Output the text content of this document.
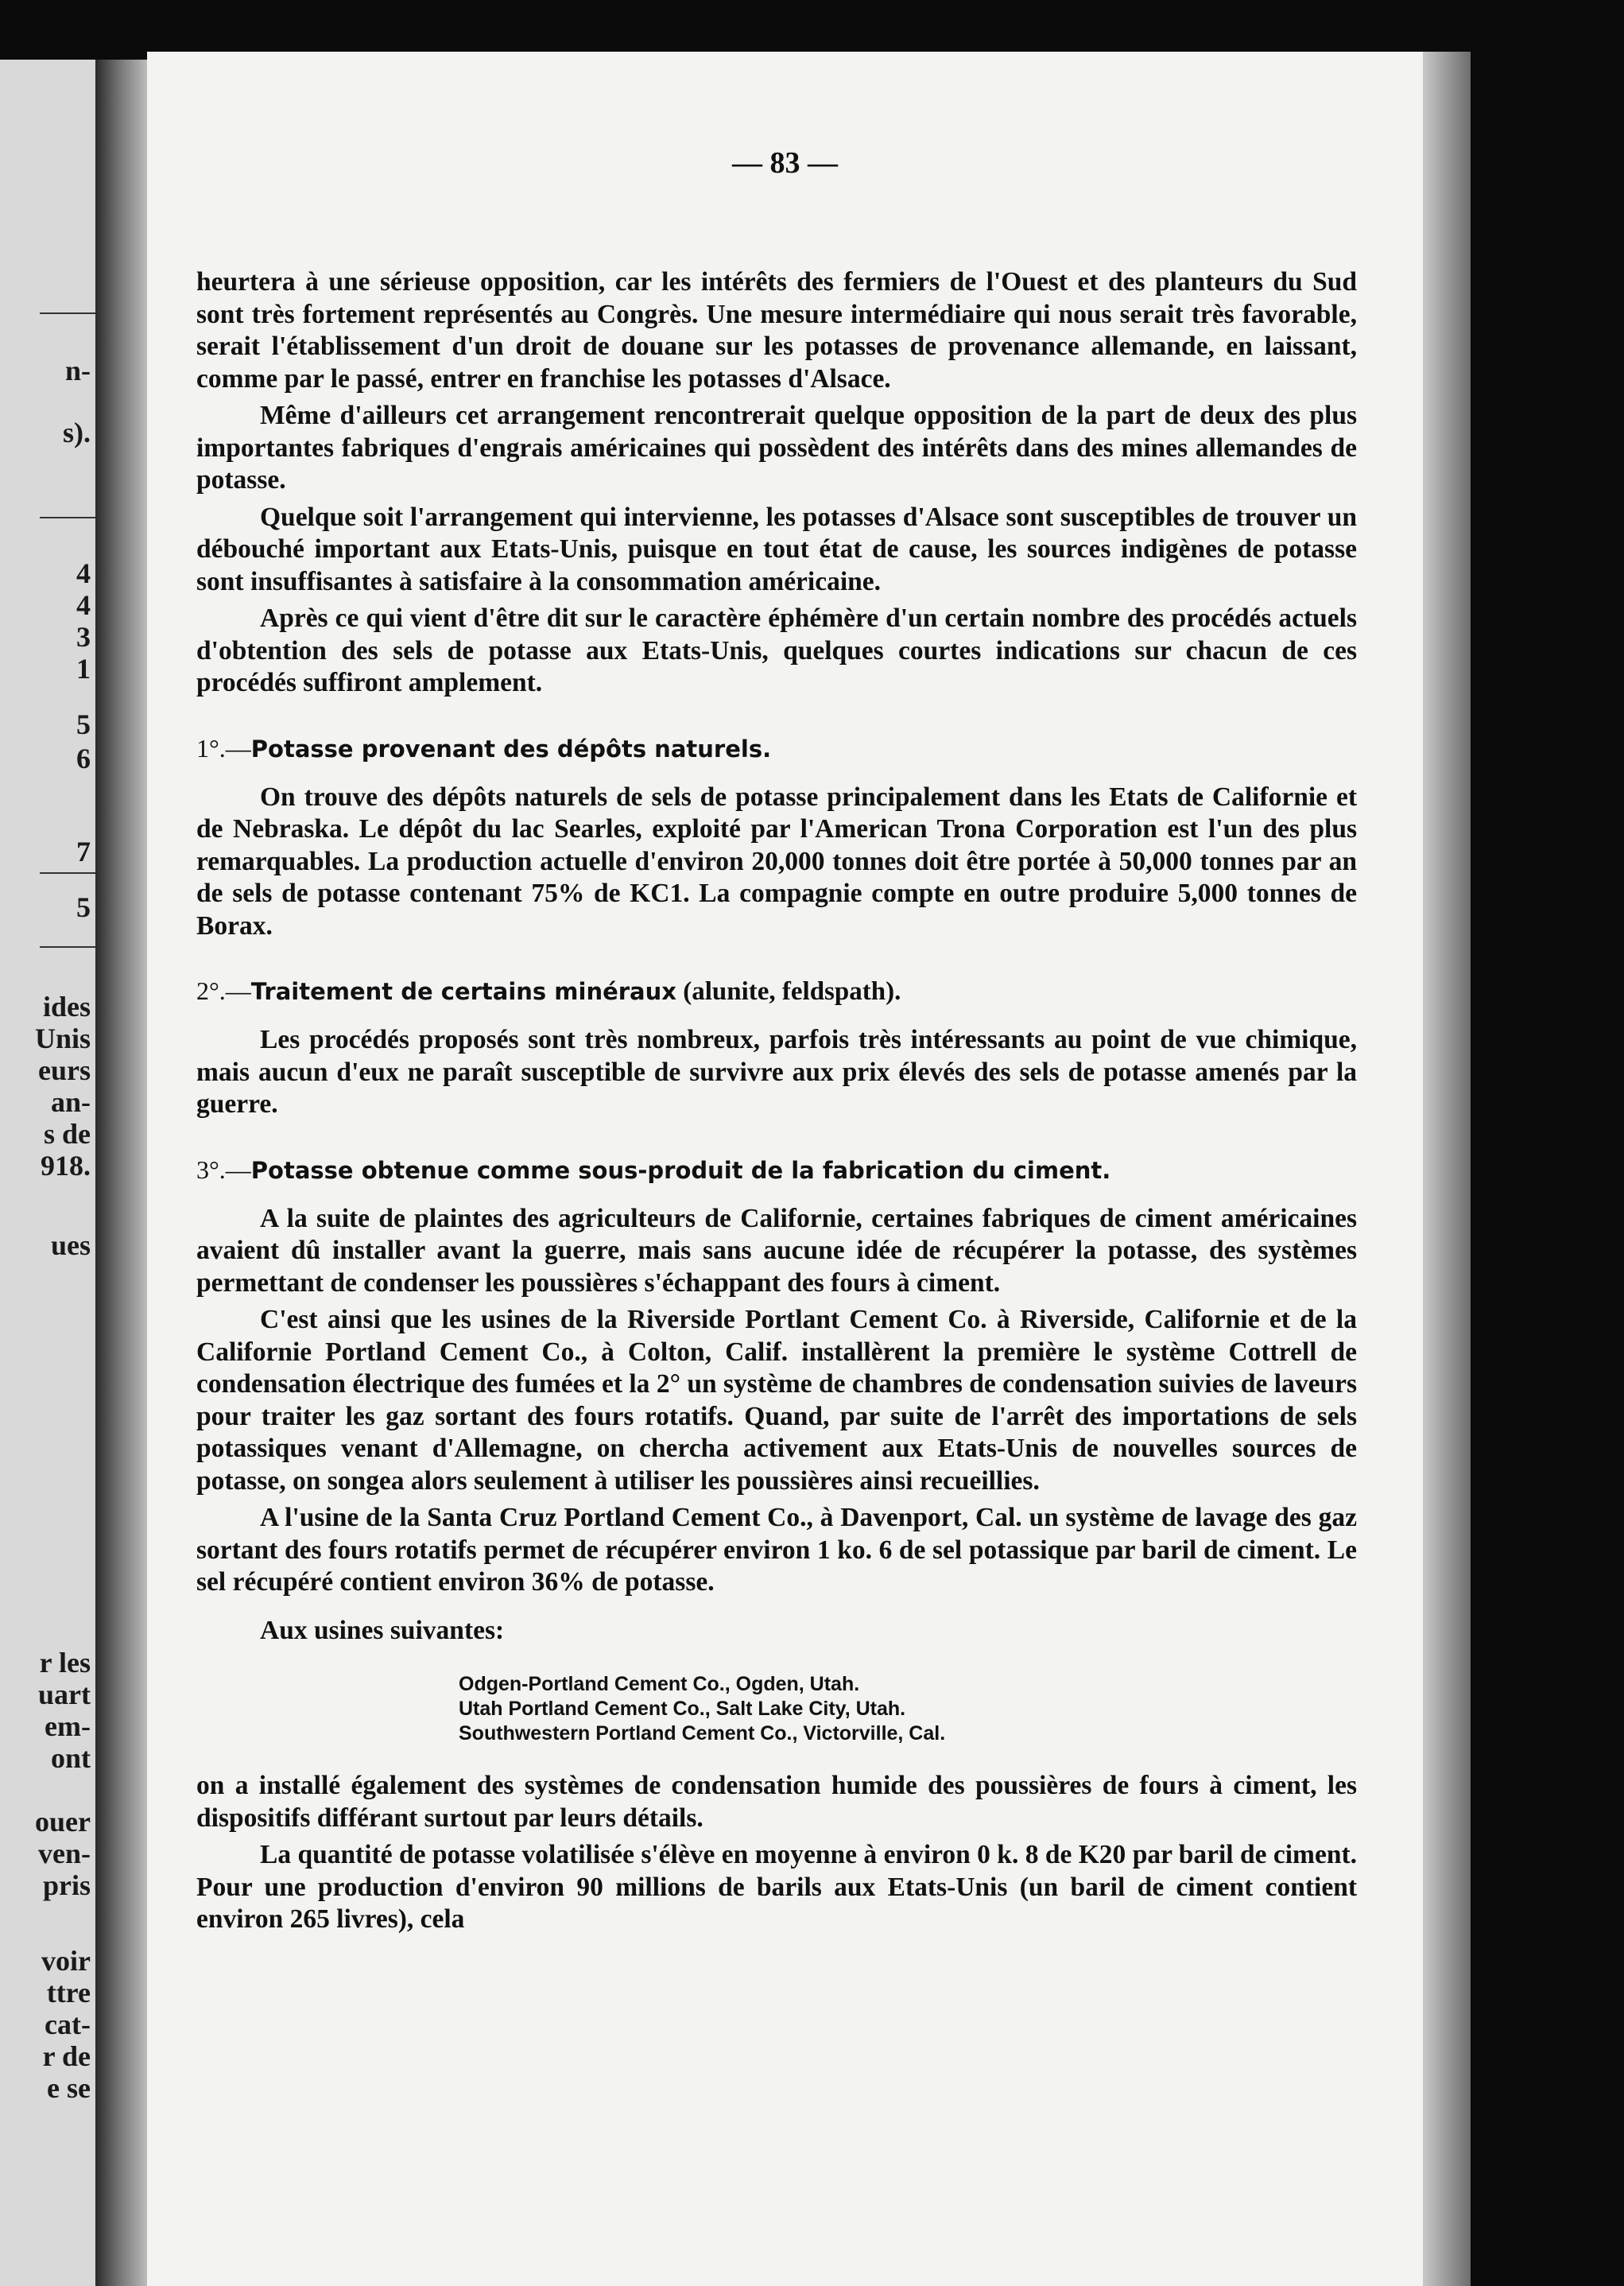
n-
s).
4
4
3
1
5
6
7
5
ides
Unis
eurs
an-
s de
918.
ues
r les
uart
em-
ont
ouer
ven-
pris
voir
ttre
cat-
r de
e se
— 83 —

heurtera à une sérieuse opposition, car les intérêts des fermiers de l'Ouest et des planteurs du Sud sont très fortement représentés au Congrès. Une mesure intermédiaire qui nous serait très favorable, serait l'établissement d'un droit de douane sur les potasses de provenance allemande, en laissant, comme par le passé, entrer en franchise les potasses d'Alsace.

Même d'ailleurs cet arrangement rencontrerait quelque opposition de la part de deux des plus importantes fabriques d'engrais américaines qui possèdent des intérêts dans des mines allemandes de potasse.

Quelque soit l'arrangement qui intervienne, les potasses d'Alsace sont susceptibles de trouver un débouché important aux Etats-Unis, puisque en tout état de cause, les sources indigènes de potasse sont insuffisantes à satisfaire à la consommation américaine.

Après ce qui vient d'être dit sur le caractère éphémère d'un certain nombre des procédés actuels d'obtention des sels de potasse aux Etats-Unis, quelques courtes indications sur chacun de ces procédés suffiront amplement.

1°.—Potasse provenant des dépôts naturels.

On trouve des dépôts naturels de sels de potasse principalement dans les Etats de Californie et de Nebraska. Le dépôt du lac Searles, exploité par l'American Trona Corporation est l'un des plus remarquables. La production actuelle d'environ 20,000 tonnes doit être portée à 50,000 tonnes par an de sels de potasse contenant 75% de KC1. La compagnie compte en outre produire 5,000 tonnes de Borax.

2°.—Traitement de certains minéraux (alunite, feldspath).

Les procédés proposés sont très nombreux, parfois très intéressants au point de vue chimique, mais aucun d'eux ne paraît susceptible de survivre aux prix élevés des sels de potasse amenés par la guerre.

3°.—Potasse obtenue comme sous-produit de la fabrication du ciment.

A la suite de plaintes des agriculteurs de Californie, certaines fabriques de ciment américaines avaient dû installer avant la guerre, mais sans aucune idée de récupérer la potasse, des systèmes permettant de condenser les poussières s'échappant des fours à ciment.

C'est ainsi que les usines de la Riverside Portlant Cement Co. à Riverside, Californie et de la Californie Portland Cement Co., à Colton, Calif. installèrent la première le système Cottrell de condensation électrique des fumées et la 2° un système de chambres de condensation suivies de laveurs pour traiter les gaz sortant des fours rotatifs. Quand, par suite de l'arrêt des importations de sels potassiques venant d'Allemagne, on chercha activement aux Etats-Unis de nouvelles sources de potasse, on songea alors seulement à utiliser les poussières ainsi recueillies.

A l'usine de la Santa Cruz Portland Cement Co., à Davenport, Cal. un système de lavage des gaz sortant des fours rotatifs permet de récupérer environ 1 ko. 6 de sel potassique par baril de ciment. Le sel récupéré contient environ 36% de potasse.

Aux usines suivantes:

Odgen-Portland Cement Co., Ogden, Utah.
Utah Portland Cement Co., Salt Lake City, Utah.
Southwestern Portland Cement Co., Victorville, Cal.

on a installé également des systèmes de condensation humide des poussières de fours à ciment, les dispositifs différant surtout par leurs détails.

La quantité de potasse volatilisée s'élève en moyenne à environ 0 k. 8 de K20 par baril de ciment. Pour une production d'environ 90 millions de barils aux Etats-Unis (un baril de ciment contient environ 265 livres), cela
